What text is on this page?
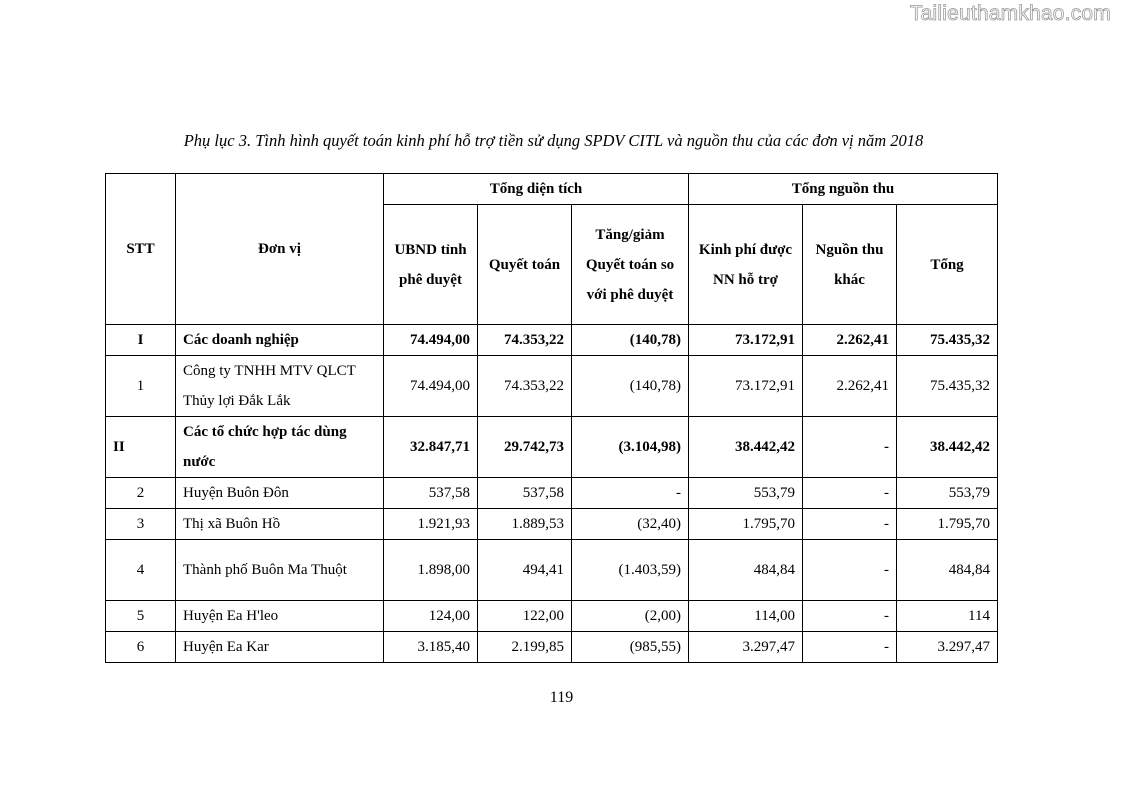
Tailieuthamkhao.com
Phụ lục 3. Tình hình quyết toán kinh phí hỗ trợ tiền sử dụng SPDV CITL và nguồn thu của các đơn vị năm 2018
STT	Đơn vị	Tổng diện tích			Tổng nguồn thu		
		UBND tỉnh phê duyệt	Quyết toán	Tăng/giảm Quyết toán so với phê duyệt	Kinh phí được NN hỗ trợ	Nguồn thu khác	Tổng
I	Các doanh nghiệp	74.494,00	74.353,22	(140,78)	73.172,91	2.262,41	75.435,32
1	Công ty TNHH MTV QLCT Thủy lợi Đắk Lắk	74.494,00	74.353,22	(140,78)	73.172,91	2.262,41	75.435,32
II	Các tổ chức hợp tác dùng nước	32.847,71	29.742,73	(3.104,98)	38.442,42	-	38.442,42
2	Huyện Buôn Đôn	537,58	537,58	-	553,79	-	553,79
3	Thị xã Buôn Hồ	1.921,93	1.889,53	(32,40)	1.795,70	-	1.795,70
4	Thành phố Buôn Ma Thuột	1.898,00	494,41	(1.403,59)	484,84	-	484,84
5	Huyện Ea H'leo	124,00	122,00	(2,00)	114,00	-	114
6	Huyện Ea Kar	3.185,40	2.199,85	(985,55)	3.297,47	-	3.297,47
119
